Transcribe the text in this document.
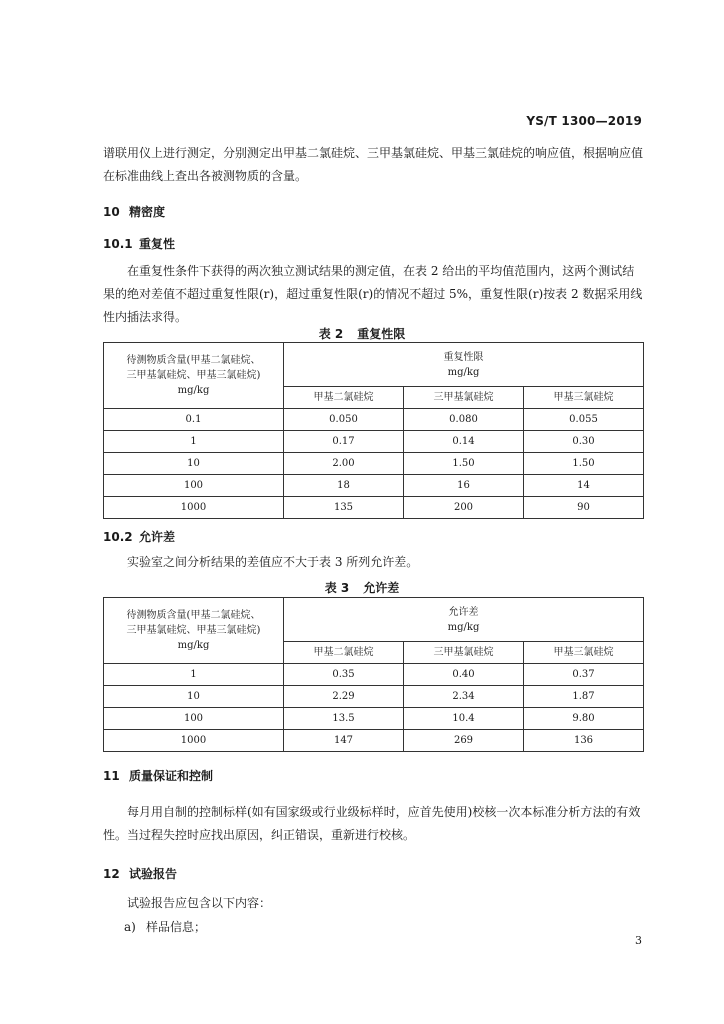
YS/T 1300—2019

谱联用仪上进行测定，分别测定出甲基二氯硅烷、三甲基氯硅烷、甲基三氯硅烷的响应值，根据响应值在标准曲线上查出各被测物质的含量。

10 精密度
10.1 重复性

在重复性条件下获得的两次独立测试结果的测定值，在表 2 给出的平均值范围内，这两个测试结果的绝对差值不超过重复性限(r)，超过重复性限(r)的情况不超过 5%，重复性限(r)按表 2 数据采用线性内插法求得。

表 2 重复性限
待测物质含量(甲基二氯硅烷、
三甲基氯硅烷、甲基三氯硅烷)
mg/kg	重复性限
mg/kg		

	甲基二氯硅烷	三甲基氯硅烷	甲基三氯硅烷
0.1	0.050	0.080	0.055
1	0.17	0.14	0.30
10	2.00	1.50	1.50
100	18	16	14
1000	135	200	90
10.2 允许差

实验室之间分析结果的差值应不大于表 3 所列允许差。

表 3 允许差
待测物质含量(甲基二氯硅烷、
三甲基氯硅烷、甲基三氯硅烷)
mg/kg	允许差
mg/kg		

	甲基二氯硅烷	三甲基氯硅烷	甲基三氯硅烷
1	0.35	0.40	0.37
10	2.29	2.34	1.87
100	13.5	10.4	9.80
1000	147	269	136
11 质量保证和控制

每月用自制的控制标样(如有国家级或行业级标样时，应首先使用)校核一次本标准分析方法的有效性。当过程失控时应找出原因，纠正错误，重新进行校核。

12 试验报告

试验报告应包含以下内容：

a) 样品信息；
3
